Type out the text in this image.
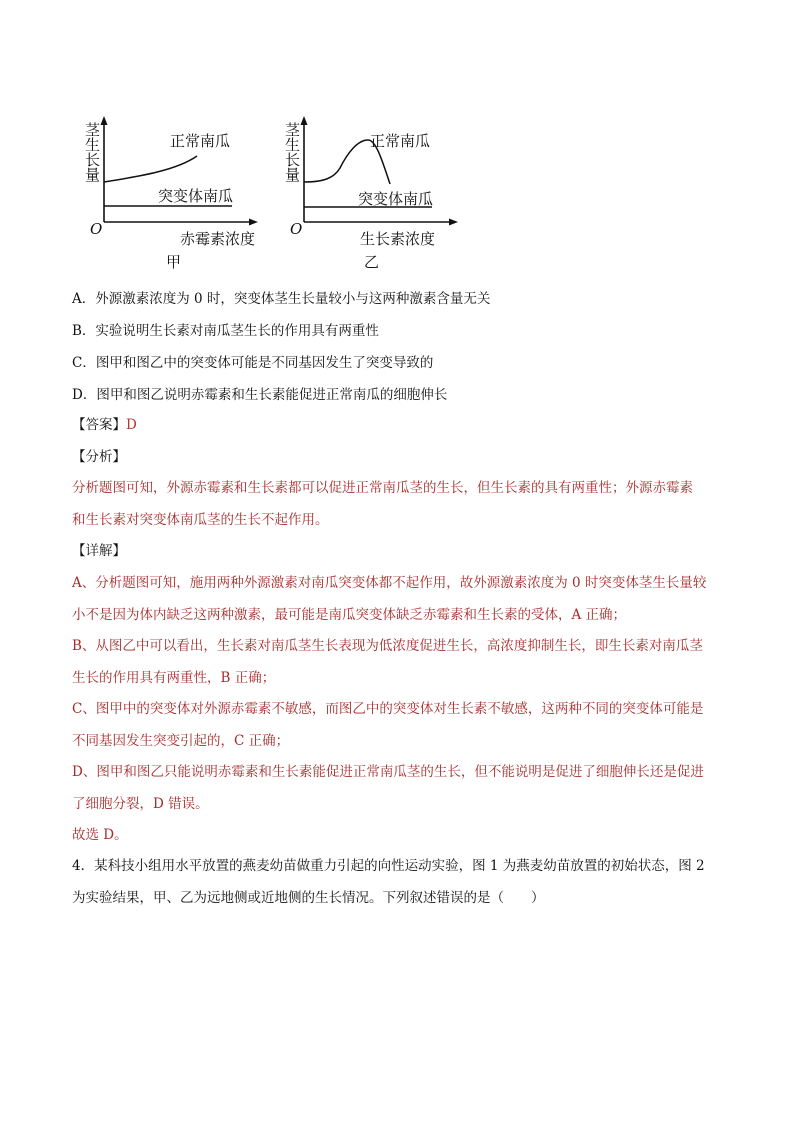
茎生长量	正常南瓜
突变体南瓜
O
赤霉素浓度
甲
茎生长量	正常南瓜
突变体南瓜
O
生长素浓度
乙
A．外源激素浓度为 0 时，突变体茎生长量较小与这两种激素含量无关
B．实验说明生长素对南瓜茎生长的作用具有两重性
C．图甲和图乙中的突变体可能是不同基因发生了突变导致的
D．图甲和图乙说明赤霉素和生长素能促进正常南瓜的细胞伸长
【答案】D
【分析】
分析题图可知，外源赤霉素和生长素都可以促进正常南瓜茎的生长，但生长素的具有两重性；外源赤霉素
和生长素对突变体南瓜茎的生长不起作用。
【详解】
A、分析题图可知，施用两种外源激素对南瓜突变体都不起作用，故外源激素浓度为 0 时突变体茎生长量较
小不是因为体内缺乏这两种激素，最可能是南瓜突变体缺乏赤霉素和生长素的受体，A 正确；
B、从图乙中可以看出，生长素对南瓜茎生长表现为低浓度促进生长，高浓度抑制生长，即生长素对南瓜茎
生长的作用具有两重性，B 正确；
C、图甲中的突变体对外源赤霉素不敏感，而图乙中的突变体对生长素不敏感，这两种不同的突变体可能是
不同基因发生突变引起的，C 正确；
D、图甲和图乙只能说明赤霉素和生长素能促进正常南瓜茎的生长，但不能说明是促进了细胞伸长还是促进
了细胞分裂，D 错误。
故选 D。
4．某科技小组用水平放置的燕麦幼苗做重力引起的向性运动实验，图 1 为燕麦幼苗放置的初始状态，图 2
为实验结果，甲、乙为远地侧或近地侧的生长情况。下列叙述错误的是（　　）
